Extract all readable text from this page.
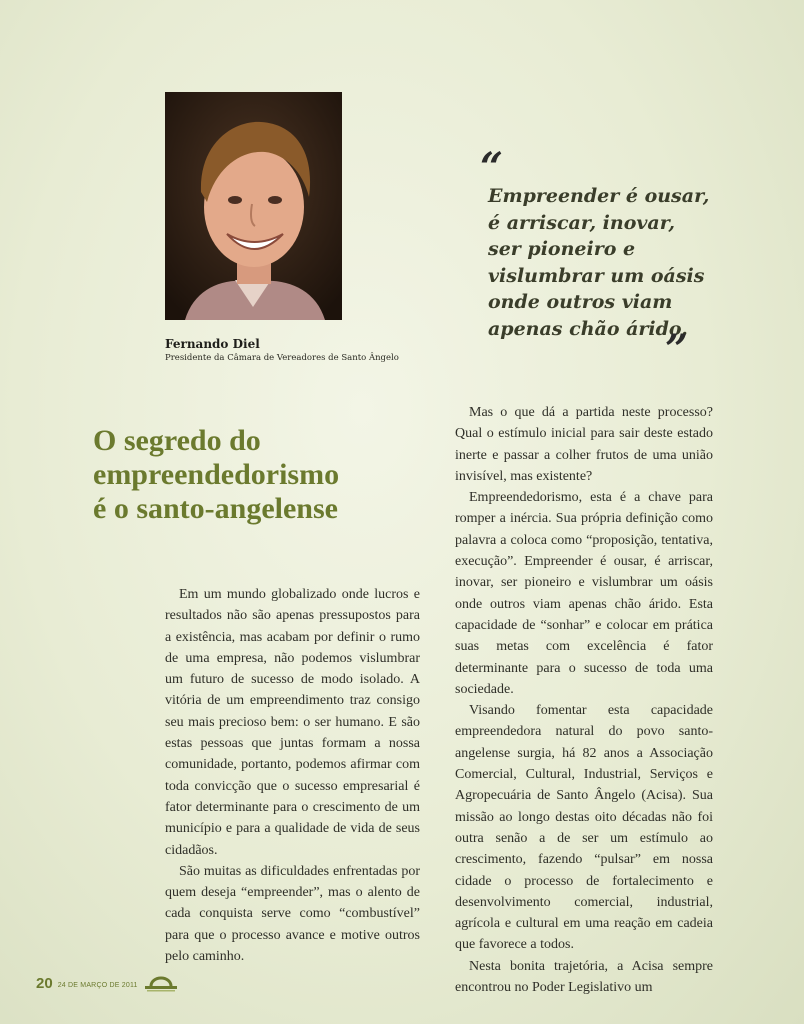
Fernando Diel
Presidente da Câmara de Vereadores de Santo Ângelo
“

Empreender é ousar,
é arriscar, inovar,
ser pioneiro e
vislumbrar um oásis
onde outros viam
apenas chão árido.

”
O segredo do
empreendedorismo
é o santo-angelense

Em um mundo globalizado onde lucros e resultados não são apenas pressupostos para a existência, mas acabam por definir o rumo de uma empresa, não podemos vislumbrar um futuro de sucesso de modo isolado. A vitória de um empreendimento traz consigo seu mais precioso bem: o ser humano. E são estas pessoas que juntas formam a nossa comunidade, portanto, podemos afirmar com toda convicção que o sucesso empresarial é fator determinante para o crescimento de um município e para a qualidade de vida de seus cidadãos.

São muitas as dificuldades enfrentadas por quem deseja “empreender”, mas o alento de cada conquista serve como “combustível” para que o processo avance e motive outros pelo caminho.

Mas o que dá a partida neste processo? Qual o estímulo inicial para sair deste estado inerte e passar a colher frutos de uma união invisível, mas existente?

Empreendedorismo, esta é a chave para romper a inércia. Sua própria definição como palavra a coloca como “proposição, tentativa, execução”. Empreender é ousar, é arriscar, inovar, ser pioneiro e vislumbrar um oásis onde outros viam apenas chão árido. Esta capacidade de “sonhar” e colocar em prática suas metas com excelência é fator determinante para o sucesso de toda uma sociedade.

Visando fomentar esta capacidade empreendedora natural do povo santo-angelense surgia, há 82 anos a Associação Comercial, Cultural, Industrial, Serviços e Agropecuária de Santo Ângelo (Acisa). Sua missão ao longo destas oito décadas não foi outra senão a de ser um estímulo ao crescimento, fazendo “pulsar” em nossa cidade o processo de fortalecimento e desenvolvimento comercial, industrial, agrícola e cultural em uma reação em cadeia que favorece a todos.

Nesta bonita trajetória, a Acisa sempre encontrou no Poder Legislativo um

20 24 DE MARÇO DE 2011
